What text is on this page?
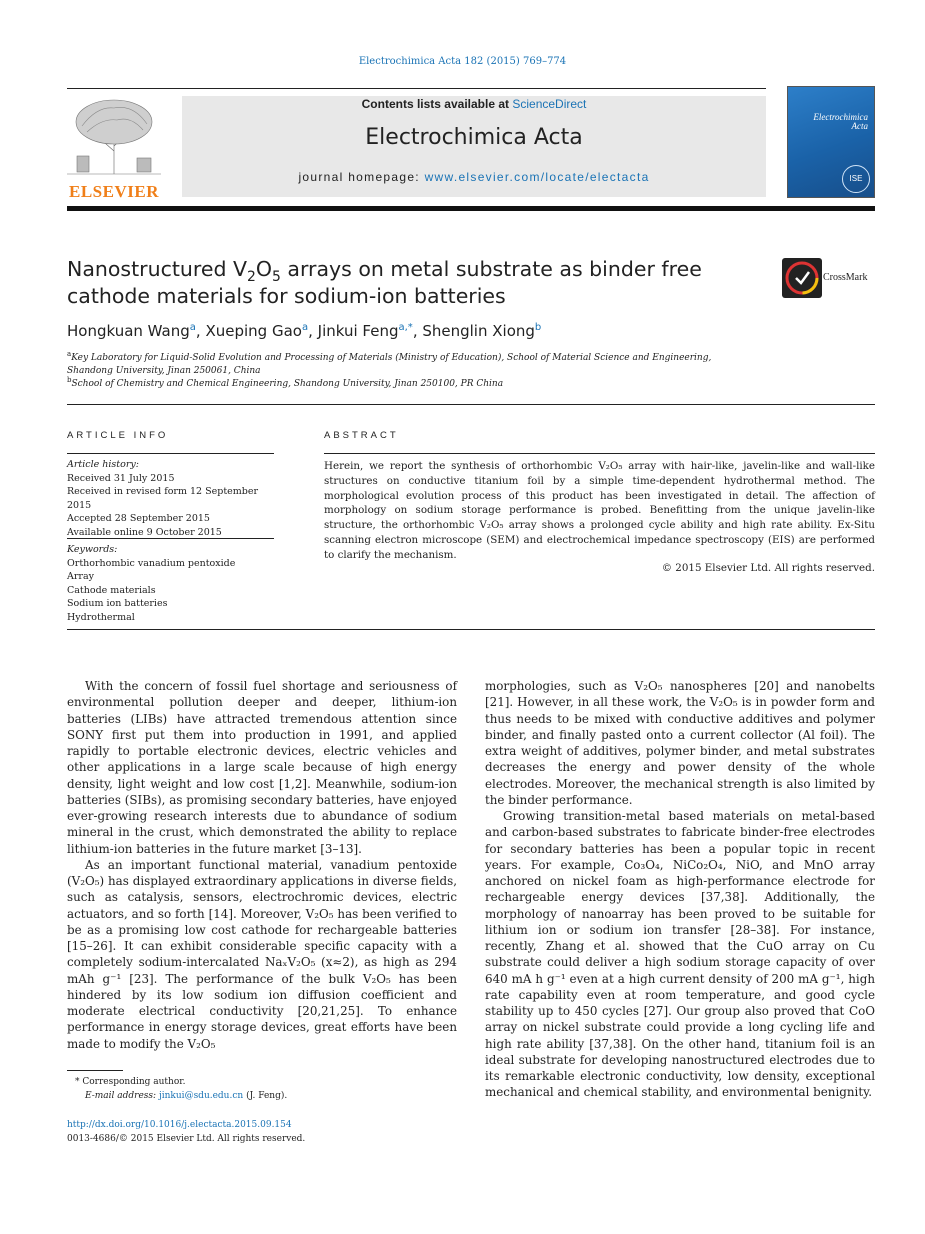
Electrochimica Acta 182 (2015) 769–774
ELSEVIER
Contents lists available at ScienceDirect
Electrochimica Acta
journal homepage: www.elsevier.com/locate/electacta
Electrochimica
Acta
ISE
Nanostructured $V_2O_5$ arrays on metal substrate as binder free cathode materials for sodium-ion batteries
CrossMark
Hongkuan Wang$^a$, Xueping Gao$^a$, Jinkui Feng$^{a,*}$, Shenglin Xiong$^b$
$^a$Key Laboratory for Liquid-Solid Evolution and Processing of Materials (Ministry of Education), School of Material Science and Engineering, Shandong University, Jinan 250061, China
$^b$School of Chemistry and Chemical Engineering, Shandong University, Jinan 250100, PR China
ARTICLE INFO	ABSTRACT
Article history:
Received 31 July 2015
Received in revised form 12 September 2015
Accepted 28 September 2015
Available online 9 October 2015
Keywords:
Orthorhombic vanadium pentoxide
Array
Cathode materials
Sodium ion batteries
Hydrothermal
Herein, we report the synthesis of orthorhombic V₂O₅ array with hair-like, javelin-like and wall-like structures on conductive titanium foil by a simple time-dependent hydrothermal method. The morphological evolution process of this product has been investigated in detail. The affection of morphology on sodium storage performance is probed. Benefitting from the unique javelin-like structure, the orthorhombic V₂O₅ array shows a prolonged cycle ability and high rate ability. Ex-Situ scanning electron microscope (SEM) and electrochemical impedance spectroscopy (EIS) are performed to clarify the mechanism.
© 2015 Elsevier Ltd. All rights reserved.

With the concern of fossil fuel shortage and seriousness of environmental pollution deeper and deeper, lithium-ion batteries (LIBs) have attracted tremendous attention since SONY first put them into production in 1991, and applied rapidly to portable electronic devices, electric vehicles and other applications in a large scale because of high energy density, light weight and low cost [1,2]. Meanwhile, sodium-ion batteries (SIBs), as promising secondary batteries, have enjoyed ever-growing research interests due to abundance of sodium mineral in the crust, which demonstrated the ability to replace lithium-ion batteries in the future market [3–13].

As an important functional material, vanadium pentoxide (V₂O₅) has displayed extraordinary applications in diverse fields, such as catalysis, sensors, electrochromic devices, electric actuators, and so forth [14]. Moreover, V₂O₅ has been verified to be as a promising low cost cathode for rechargeable batteries [15–26]. It can exhibit considerable specific capacity with a completely sodium-intercalated NaₓV₂O₅ (x≈2), as high as 294 mAh g⁻¹ [23]. The performance of the bulk V₂O₅ has been hindered by its low sodium ion diffusion coefficient and moderate electrical conductivity [20,21,25]. To enhance performance in energy storage devices, great efforts have been made to modify the V₂O₅

morphologies, such as V₂O₅ nanospheres [20] and nanobelts [21]. However, in all these work, the V₂O₅ is in powder form and thus needs to be mixed with conductive additives and polymer binder, and finally pasted onto a current collector (Al foil). The extra weight of additives, polymer binder, and metal substrates decreases the energy and power density of the whole electrodes. Moreover, the mechanical strength is also limited by the binder performance.

Growing transition-metal based materials on metal-based and carbon-based substrates to fabricate binder-free electrodes for secondary batteries has been a popular topic in recent years. For example, Co₃O₄, NiCo₂O₄, NiO, and MnO array anchored on nickel foam as high-performance electrode for rechargeable energy devices [37,38]. Additionally, the morphology of nanoarray has been proved to be suitable for lithium ion or sodium ion transfer [28–38]. For instance, recently, Zhang et al. showed that the CuO array on Cu substrate could deliver a high sodium storage capacity of over 640 mA h g⁻¹ even at a high current density of 200 mA g⁻¹, high rate capability even at room temperature, and good cycle stability up to 450 cycles [27]. Our group also proved that CoO array on nickel substrate could provide a long cycling life and high rate ability [37,38]. On the other hand, titanium foil is an ideal substrate for developing nanostructured electrodes due to its remarkable electronic conductivity, low density, exceptional mechanical and chemical stability, and environmental benignity.

* Corresponding author.
E-mail address: jinkui@sdu.edu.cn (J. Feng).
http://dx.doi.org/10.1016/j.electacta.2015.09.154
0013-4686/© 2015 Elsevier Ltd. All rights reserved.
